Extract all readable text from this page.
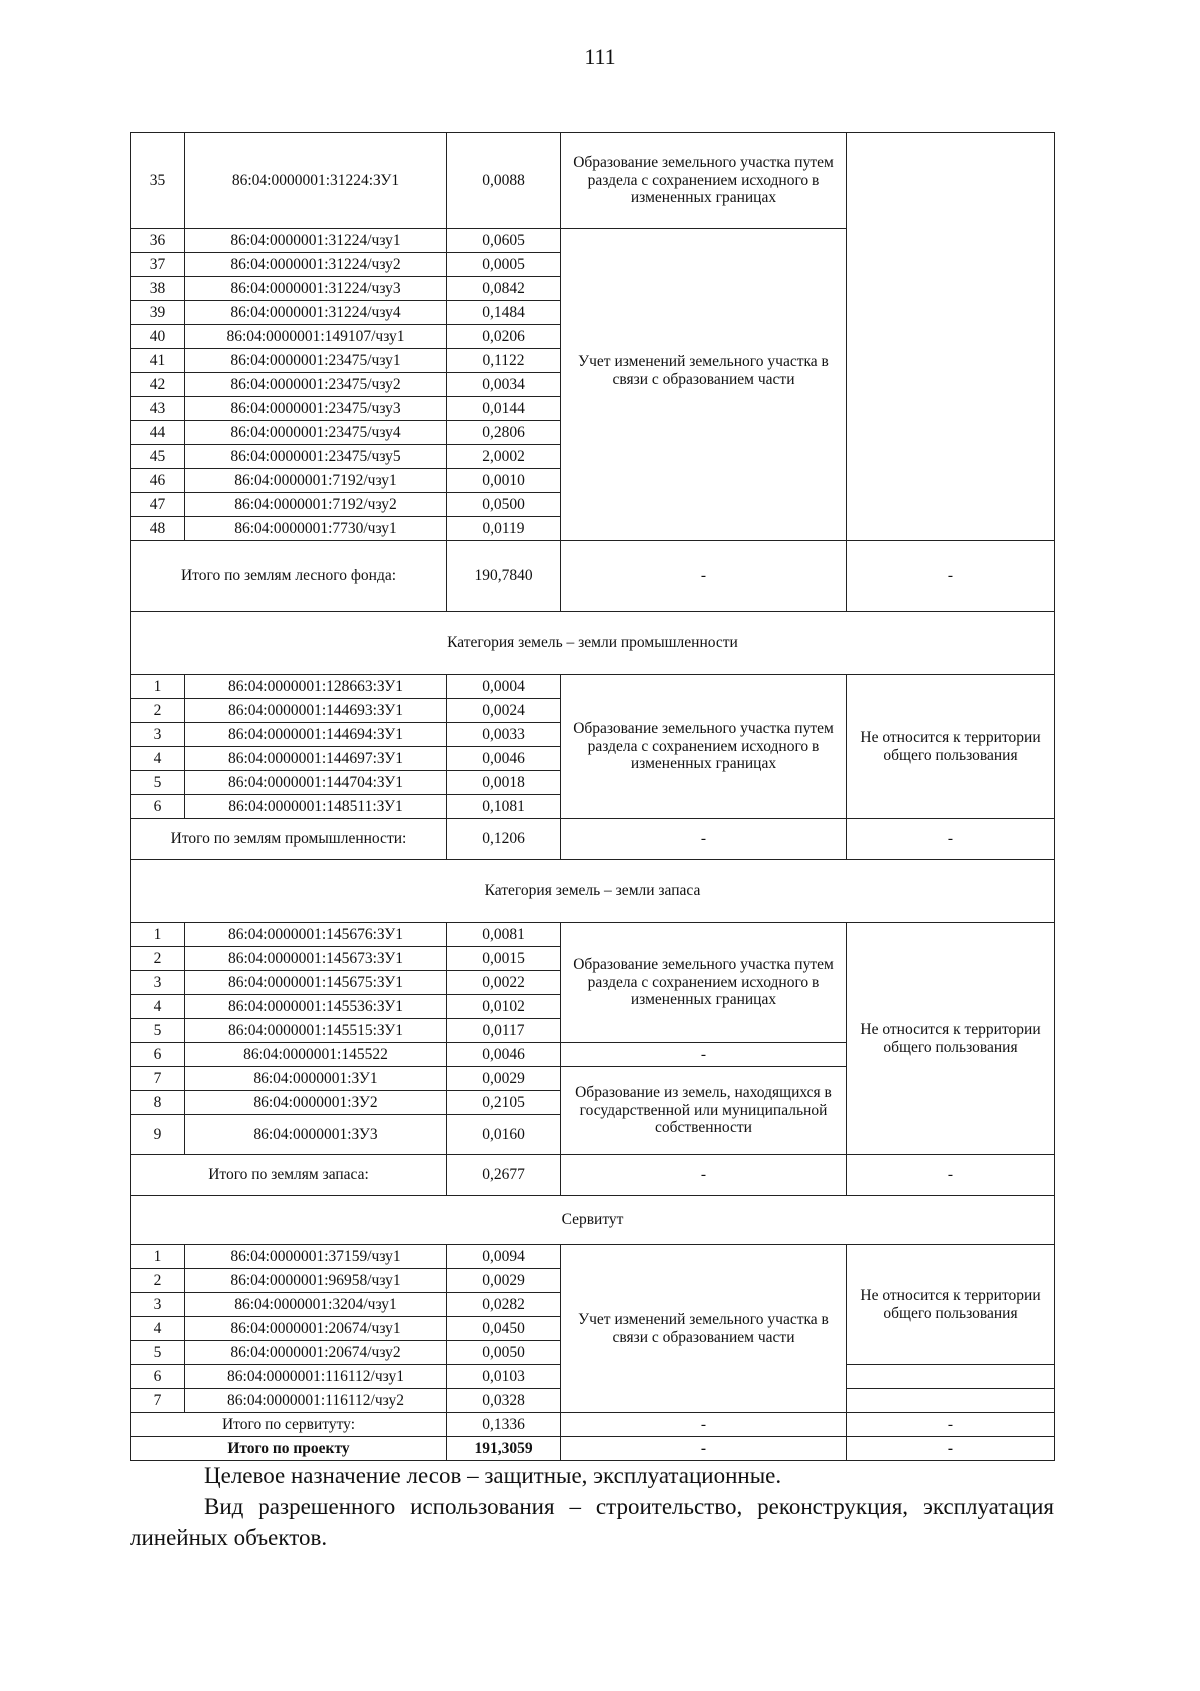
111
35	86:04:0000001:31224:ЗУ1	0,0088	Образование земельного участка путем раздела с сохранением исходного в измененных границах	
36	86:04:0000001:31224/чзу1	0,0605	Учет изменений земельного участка в связи с образованием части	
37	86:04:0000001:31224/чзу2	0,0005		
38	86:04:0000001:31224/чзу3	0,0842		
39	86:04:0000001:31224/чзу4	0,1484		
40	86:04:0000001:149107/чзу1	0,0206		
41	86:04:0000001:23475/чзу1	0,1122		
42	86:04:0000001:23475/чзу2	0,0034		
43	86:04:0000001:23475/чзу3	0,0144		
44	86:04:0000001:23475/чзу4	0,2806		
45	86:04:0000001:23475/чзу5	2,0002		
46	86:04:0000001:7192/чзу1	0,0010		
47	86:04:0000001:7192/чзу2	0,0500		
48	86:04:0000001:7730/чзу1	0,0119		
Итого по землям лесного фонда:		190,7840	-	-
Категория земель – земли промышленности				
1	86:04:0000001:128663:ЗУ1	0,0004	Образование земельного участка путем раздела с сохранением исходного в измененных границах	Не относится к территории общего пользования
2	86:04:0000001:144693:ЗУ1	0,0024		
3	86:04:0000001:144694:ЗУ1	0,0033		
4	86:04:0000001:144697:ЗУ1	0,0046		
5	86:04:0000001:144704:ЗУ1	0,0018		
6	86:04:0000001:148511:ЗУ1	0,1081		
Итого по землям промышленности:		0,1206	-	-
Категория земель – земли запаса				
1	86:04:0000001:145676:ЗУ1	0,0081	Образование земельного участка путем раздела с сохранением исходного в измененных границах	Не относится к территории общего пользования
2	86:04:0000001:145673:ЗУ1	0,0015		
3	86:04:0000001:145675:ЗУ1	0,0022		
4	86:04:0000001:145536:ЗУ1	0,0102		
5	86:04:0000001:145515:ЗУ1	0,0117		
6	86:04:0000001:145522	0,0046	-	
7	86:04:0000001:ЗУ1	0,0029	Образование из земель, находящихся в государственной или муниципальной собственности	
8	86:04:0000001:ЗУ2	0,2105		
9	86:04:0000001:ЗУ3	0,0160		
Итого по землям запаса:		0,2677	-	-
Сервитут				
1	86:04:0000001:37159/чзу1	0,0094	Учет изменений земельного участка в связи с образованием части	Не относится к территории общего пользования
2	86:04:0000001:96958/чзу1	0,0029		
3	86:04:0000001:3204/чзу1	0,0282		
4	86:04:0000001:20674/чзу1	0,0450		
5	86:04:0000001:20674/чзу2	0,0050		
6	86:04:0000001:116112/чзу1	0,0103		
7	86:04:0000001:116112/чзу2	0,0328		
Итого по сервитуту:		0,1336	-	-
Итого по проекту		191,3059	-	-

Целевое назначение лесов – защитные, эксплуатационные.

Вид разрешенного использования – строительство, реконструкция, эксплуатация линейных объектов.
